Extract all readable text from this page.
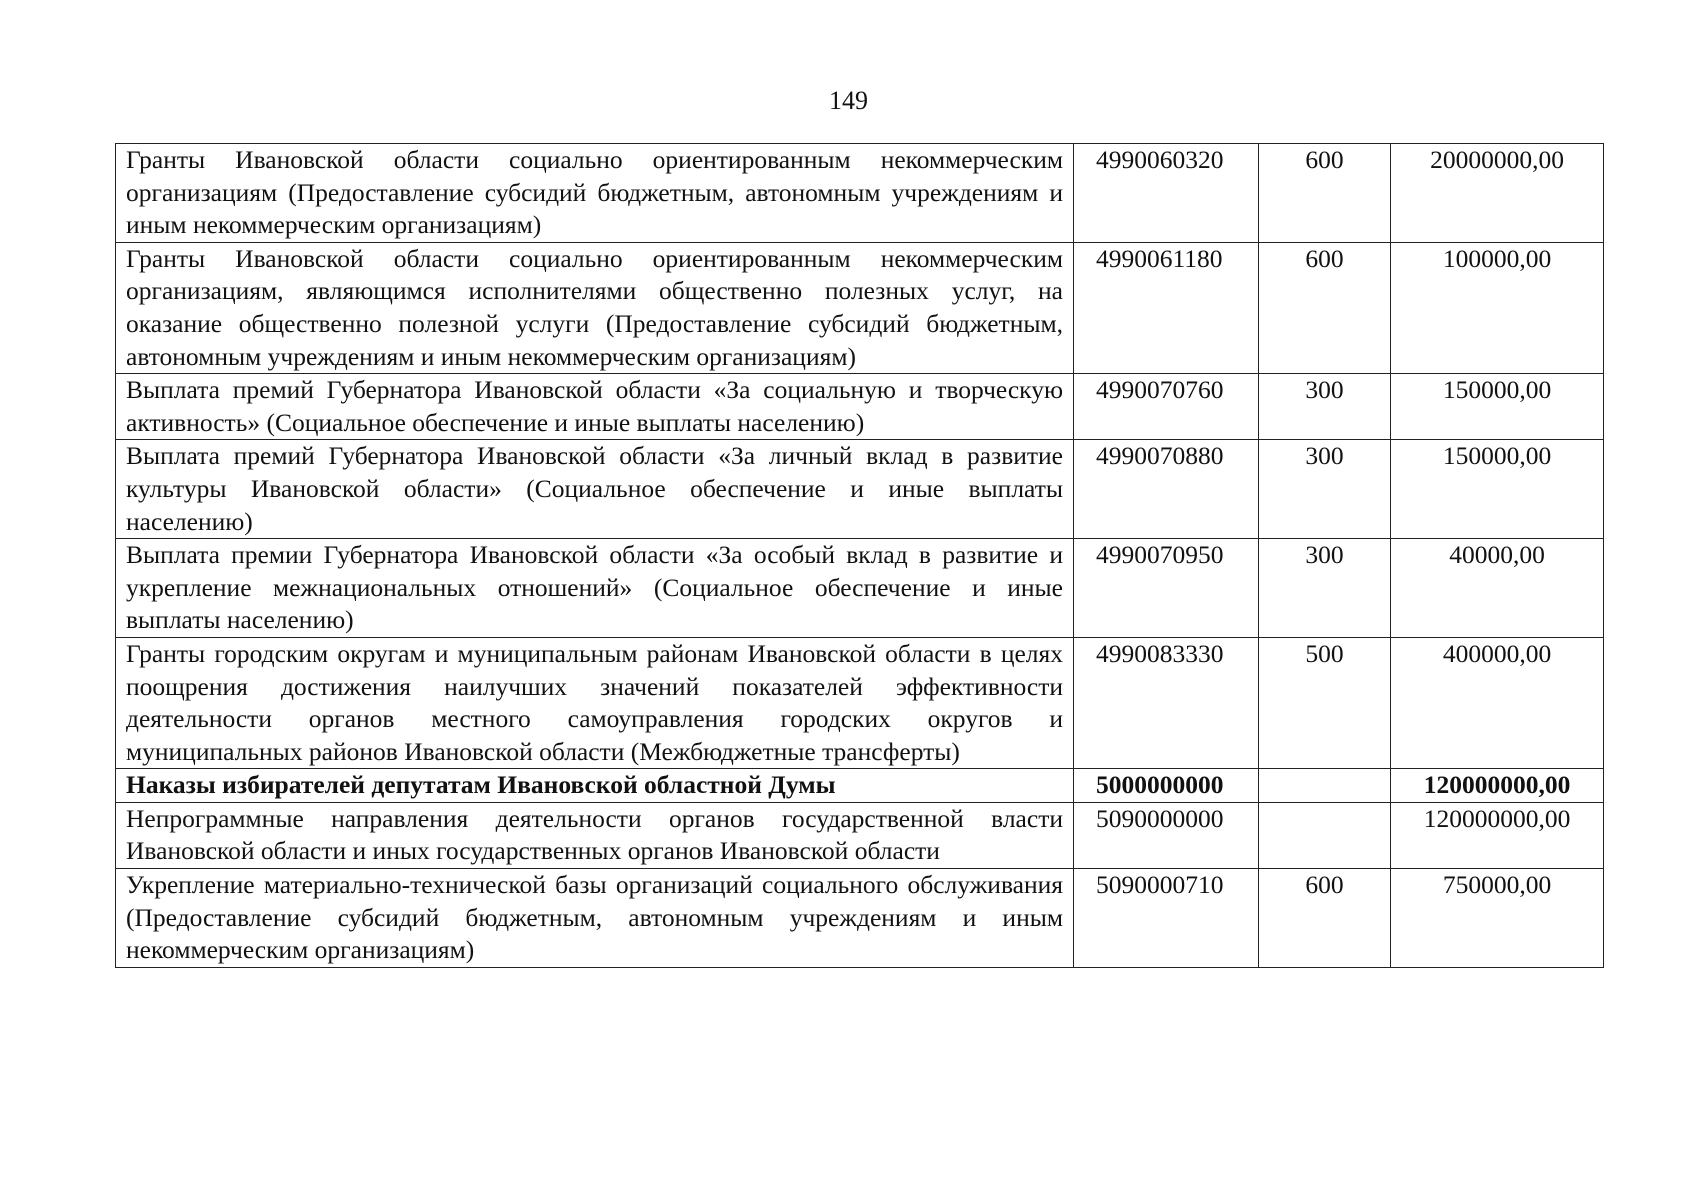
149
Гранты Ивановской области социально ориентированным некоммерческим организациям (Предоставление субсидий бюджетным, автономным учреждениям и иным некоммерческим организациям)	4990060320	600	20000000,00
Гранты Ивановской области социально ориентированным некоммерческим организациям, являющимся исполнителями общественно полезных услуг, на оказание общественно полезной услуги (Предоставление субсидий бюджетным, автономным учреждениям и иным некоммерческим организациям)	4990061180	600	100000,00
Выплата премий Губернатора Ивановской области «За социальную и творческую активность» (Социальное обеспечение и иные выплаты населению)	4990070760	300	150000,00
Выплата премий Губернатора Ивановской области «За личный вклад в развитие культуры Ивановской области» (Социальное обеспечение и иные выплаты населению)	4990070880	300	150000,00
Выплата премии Губернатора Ивановской области «За особый вклад в развитие и укрепление межнациональных отношений» (Социальное обеспечение и иные выплаты населению)	4990070950	300	40000,00
Гранты городским округам и муниципальным районам Ивановской области в целях поощрения достижения наилучших значений показателей эффективности деятельности органов местного самоуправления городских округов и муниципальных районов Ивановской области (Межбюджетные трансферты)	4990083330	500	400000,00
Наказы избирателей депутатам Ивановской областной Думы	5000000000		120000000,00
Непрограммные направления деятельности органов государственной власти Ивановской области и иных государственных органов Ивановской области	5090000000		120000000,00
Укрепление материально-технической базы организаций социального обслуживания (Предоставление субсидий бюджетным, автономным учреждениям и иным некоммерческим организациям)	5090000710	600	750000,00
